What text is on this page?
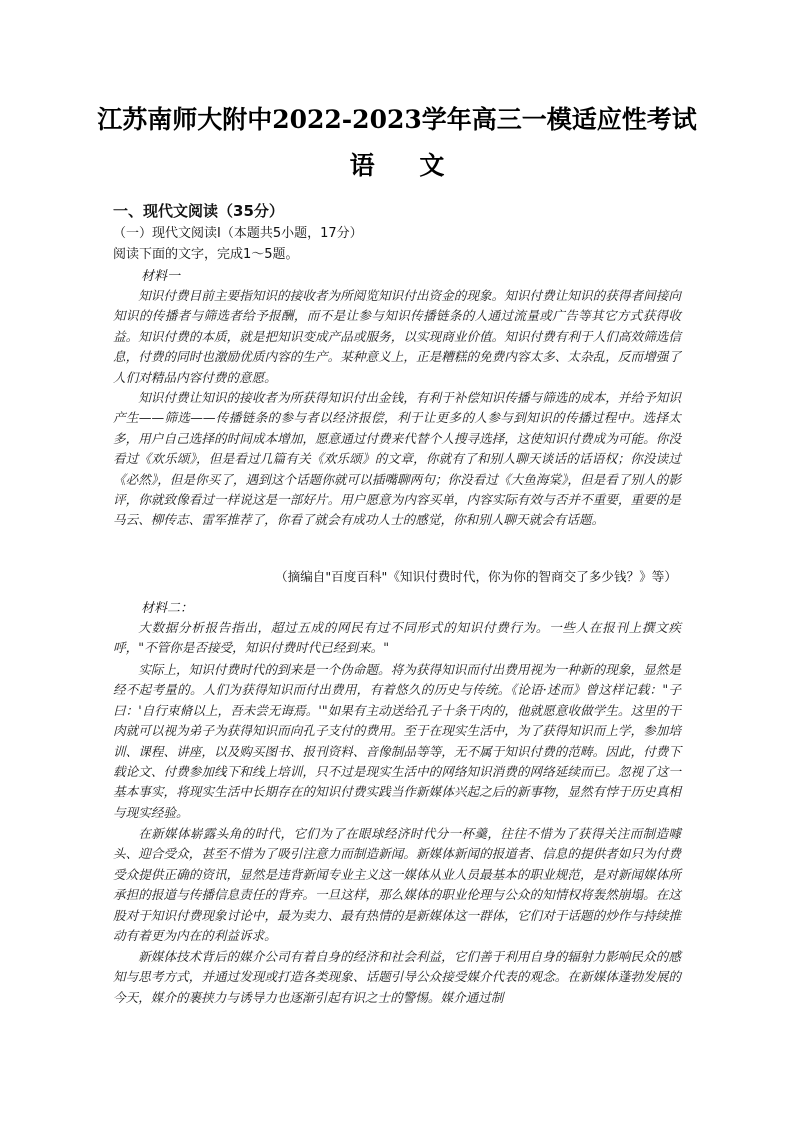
江苏南师大附中2022-2023学年高三一模适应性考试
语 文
一、现代文阅读（35分）
（一）现代文阅读Ⅰ（本题共5小题，17分）
阅读下面的文字，完成1～5题。
材料一

知识付费目前主要指知识的接收者为所阅览知识付出资金的现象。知识付费让知识的获得者间接向知识的传播者与筛选者给予报酬，而不是让参与知识传播链条的人通过流量或广告等其它方式获得收益。知识付费的本质，就是把知识变成产品或服务，以实现商业价值。知识付费有利于人们高效筛选信息，付费的同时也激励优质内容的生产。某种意义上，正是糟糕的免费内容太多、太杂乱，反而增强了人们对精品内容付费的意愿。

知识付费让知识的接收者为所获得知识付出金钱，有利于补偿知识传播与筛选的成本，并给予知识产生——筛选——传播链条的参与者以经济报偿，利于让更多的人参与到知识的传播过程中。选择太多，用户自己选择的时间成本增加，愿意通过付费来代替个人搜寻选择，这使知识付费成为可能。你没看过《欢乐颂》，但是看过几篇有关《欢乐颂》的文章，你就有了和别人聊天谈话的话语权；你没读过《必然》，但是你买了，遇到这个话题你就可以插嘴聊两句；你没看过《大鱼海棠》，但是看了别人的影评，你就致像看过一样说这是一部好片。用户愿意为内容买单，内容实际有效与否并不重要，重要的是马云、柳传志、雷军推荐了，你看了就会有成功人士的感觉，你和别人聊天就会有话题。

（摘编自"百度百科"《知识付费时代，你为你的智商交了多少钱？》等）
材料二：

大数据分析报告指出，超过五成的网民有过不同形式的知识付费行为。一些人在报刊上撰文疾呼，"不管你是否接受，知识付费时代已经到来。"

实际上，知识付费时代的到来是一个伪命题。将为获得知识而付出费用视为一种新的现象，显然是经不起考量的。人们为获得知识而付出费用，有着悠久的历史与传统。《论语·述而》曾这样记载："子曰：'自行束脩以上，吾未尝无诲焉。'"如果有主动送给孔子十条干肉的，他就愿意收做学生。这里的干肉就可以视为弟子为获得知识而向孔子支付的费用。至于在现实生活中，为了获得知识而上学，参加培训、课程、讲座，以及购买图书、报刊资料、音像制品等等，无不属于知识付费的范畴。因此，付费下载论文、付费参加线下和线上培训，只不过是现实生活中的网络知识消费的网络延续而已。忽视了这一基本事实，将现实生活中长期存在的知识付费实践当作新媒体兴起之后的新事物，显然有悖于历史真相与现实经验。

在新媒体崭露头角的时代，它们为了在眼球经济时代分一杯羹，往往不惜为了获得关注而制造噱头、迎合受众，甚至不惜为了吸引注意力而制造新闻。新媒体新闻的报道者、信息的提供者如只为付费受众提供正确的资讯，显然是违背新闻专业主义这一媒体从业人员最基本的职业规范，是对新闻媒体所承担的报道与传播信息责任的背弃。一旦这样，那么媒体的职业伦理与公众的知情权将轰然崩塌。在这股对于知识付费现象讨论中，最为卖力、最有热情的是新媒体这一群体，它们对于话题的炒作与持续推动有着更为内在的利益诉求。

新媒体技术背后的媒介公司有着自身的经济和社会利益，它们善于利用自身的辐射力影响民众的感知与思考方式，并通过发现或打造各类现象、话题引导公众接受媒介代表的观念。在新媒体蓬勃发展的今天，媒介的裹挟力与诱导力也逐渐引起有识之士的警惕。媒介通过制
